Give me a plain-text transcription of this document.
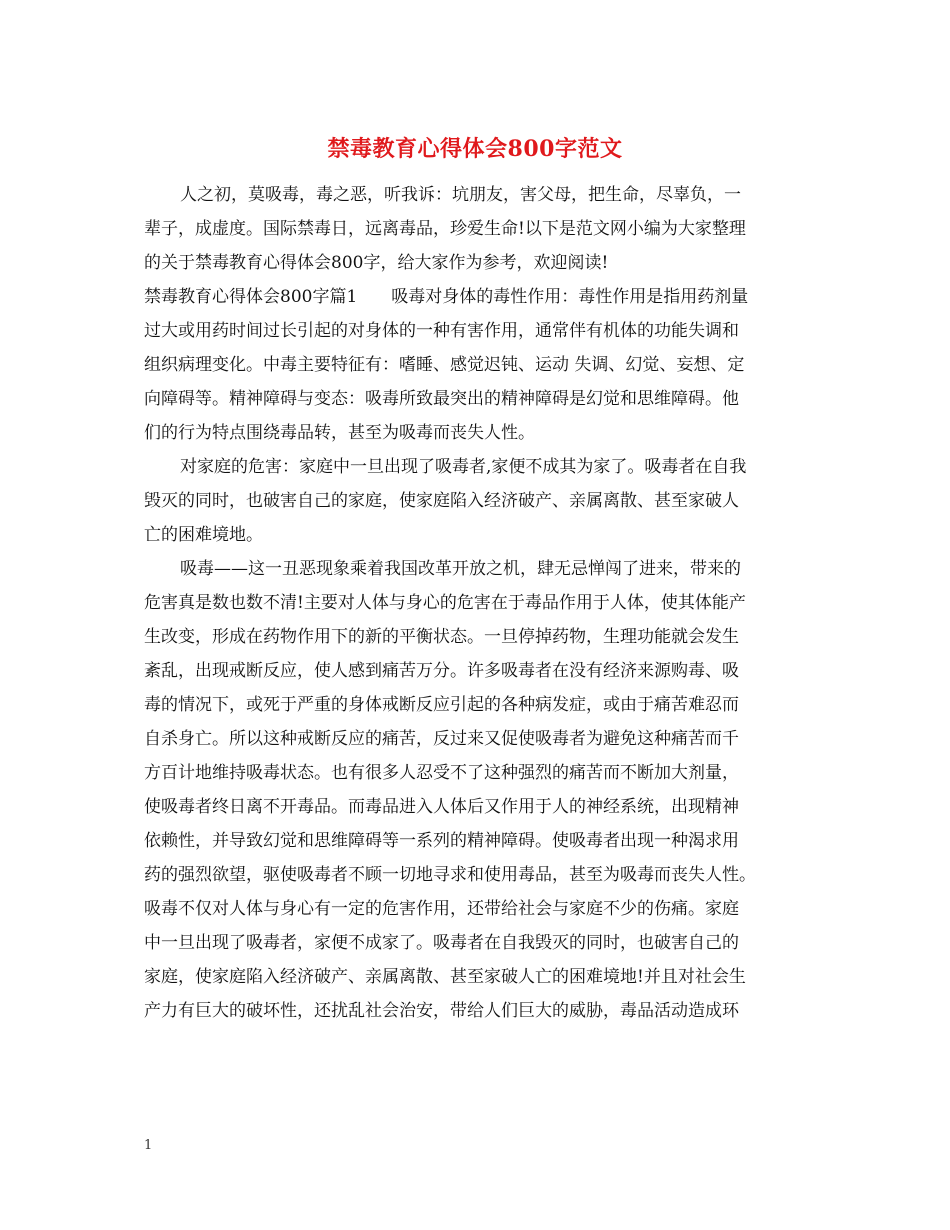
禁毒教育心得体会800字范文

人之初，莫吸毒，毒之恶，听我诉：坑朋友，害父母，把生命，尽辜负，一

辈子，成虚度。国际禁毒日，远离毒品，珍爱生命!以下是范文网小编为大家整理

的关于禁毒教育心得体会800字，给大家作为参考，欢迎阅读!

禁毒教育心得体会800字篇1　　吸毒对身体的毒性作用：毒性作用是指用药剂量

过大或用药时间过长引起的对身体的一种有害作用，通常伴有机体的功能失调和

组织病理变化。中毒主要特征有：嗜睡、感觉迟钝、运动 失调、幻觉、妄想、定

向障碍等。精神障碍与变态：吸毒所致最突出的精神障碍是幻觉和思维障碍。他

们的行为特点围绕毒品转，甚至为吸毒而丧失人性。

对家庭的危害：家庭中一旦出现了吸毒者,家便不成其为家了。吸毒者在自我

毁灭的同时，也破害自己的家庭，使家庭陷入经济破产、亲属离散、甚至家破人

亡的困难境地。

吸毒——这一丑恶现象乘着我国改革开放之机，肆无忌惮闯了进来，带来的

危害真是数也数不清!主要对人体与身心的危害在于毒品作用于人体，使其体能产

生改变，形成在药物作用下的新的平衡状态。一旦停掉药物，生理功能就会发生

紊乱，出现戒断反应，使人感到痛苦万分。许多吸毒者在没有经济来源购毒、吸

毒的情况下，或死于严重的身体戒断反应引起的各种病发症，或由于痛苦难忍而

自杀身亡。所以这种戒断反应的痛苦，反过来又促使吸毒者为避免这种痛苦而千

方百计地维持吸毒状态。也有很多人忍受不了这种强烈的痛苦而不断加大剂量，

使吸毒者终日离不开毒品。而毒品进入人体后又作用于人的神经系统，出现精神

依赖性，并导致幻觉和思维障碍等一系列的精神障碍。使吸毒者出现一种渴求用

药的强烈欲望，驱使吸毒者不顾一切地寻求和使用毒品，甚至为吸毒而丧失人性。

吸毒不仅对人体与身心有一定的危害作用，还带给社会与家庭不少的伤痛。家庭

中一旦出现了吸毒者，家便不成家了。吸毒者在自我毁灭的同时，也破害自己的

家庭，使家庭陷入经济破产、亲属离散、甚至家破人亡的困难境地!并且对社会生

产力有巨大的破坏性，还扰乱社会治安，带给人们巨大的威胁，毒品活动造成环

1
